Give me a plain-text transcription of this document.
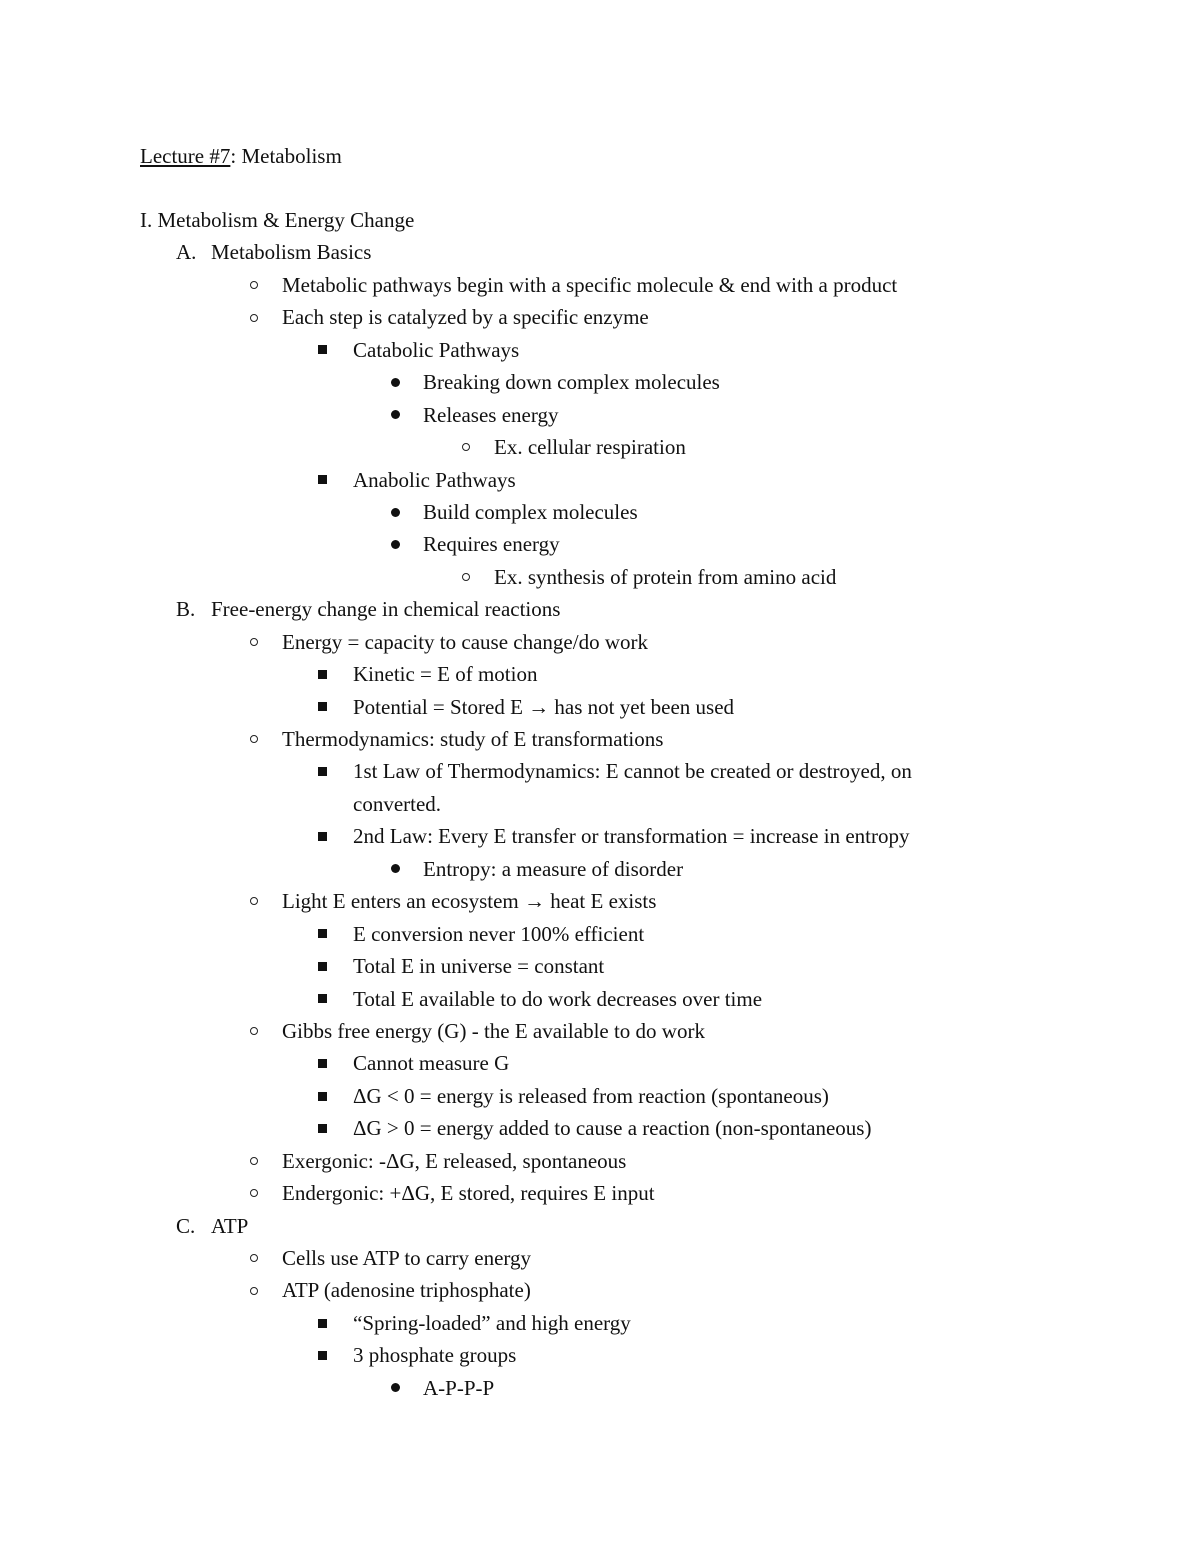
Lecture #7: Metabolism
I. Metabolism & Energy Change
A. Metabolism Basics
Metabolic pathways begin with a specific molecule & end with a product
Each step is catalyzed by a specific enzyme
Catabolic Pathways
Breaking down complex molecules
Releases energy
Ex. cellular respiration
Anabolic Pathways
Build complex molecules
Requires energy
Ex. synthesis of protein from amino acid
B. Free-energy change in chemical reactions
Energy = capacity to cause change/do work
Kinetic = E of motion
Potential = Stored E → has not yet been used
Thermodynamics: study of E transformations
1st Law of Thermodynamics: E cannot be created or destroyed, on
converted.
2nd Law: Every E transfer or transformation = increase in entropy
Entropy: a measure of disorder
Light E enters an ecosystem → heat E exists
E conversion never 100% efficient
Total E in universe = constant
Total E available to do work decreases over time
Gibbs free energy (G) - the E available to do work
Cannot measure G
ΔG < 0 = energy is released from reaction (spontaneous)
ΔG > 0 = energy added to cause a reaction (non-spontaneous)
Exergonic: -ΔG, E released, spontaneous
Endergonic: +ΔG, E stored, requires E input
C. ATP
Cells use ATP to carry energy
ATP (adenosine triphosphate)
“Spring-loaded” and high energy
3 phosphate groups
A-P-P-P
